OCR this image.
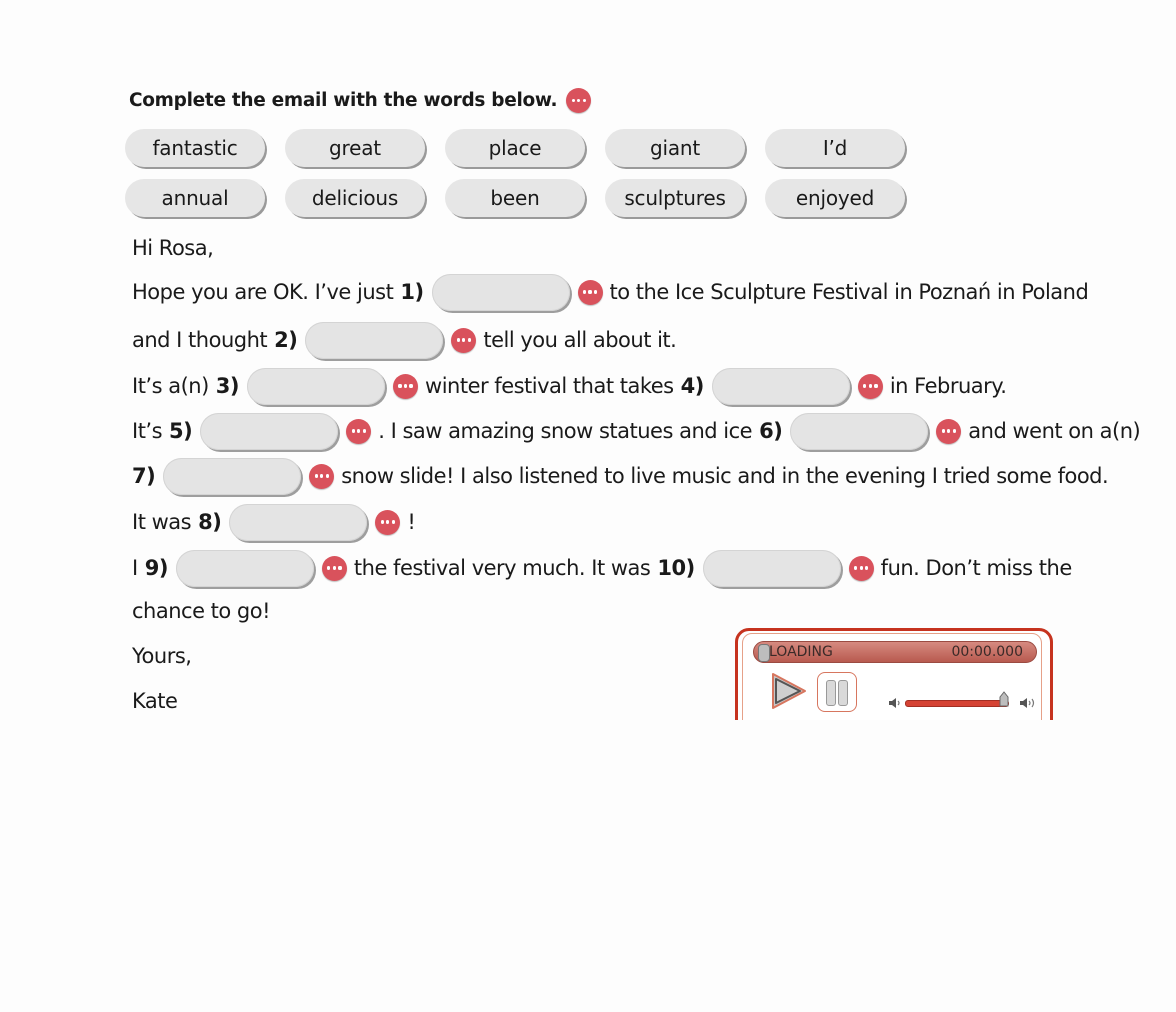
Complete the email with the words below.
fantastic	great	place	giant	I’d
annual	delicious	been	sculptures	enjoyed
Hi Rosa,
Hope you are OK. I’ve just 1)	to the Ice Sculpture Festival in Poznań in Poland
and I thought 2)	tell you all about it.
It’s a(n) 3)	winter festival that takes 4)	in February.
It’s 5)	. I saw amazing snow statues and ice 6)	and went on a(n)
7)	snow slide! I also listened to live music and in the evening I tried some food.
It was 8)	!
I 9)	the festival very much. It was 10)	fun. Don’t miss the
chance to go!
Yours,
Kate
LOADING	00:00.000
